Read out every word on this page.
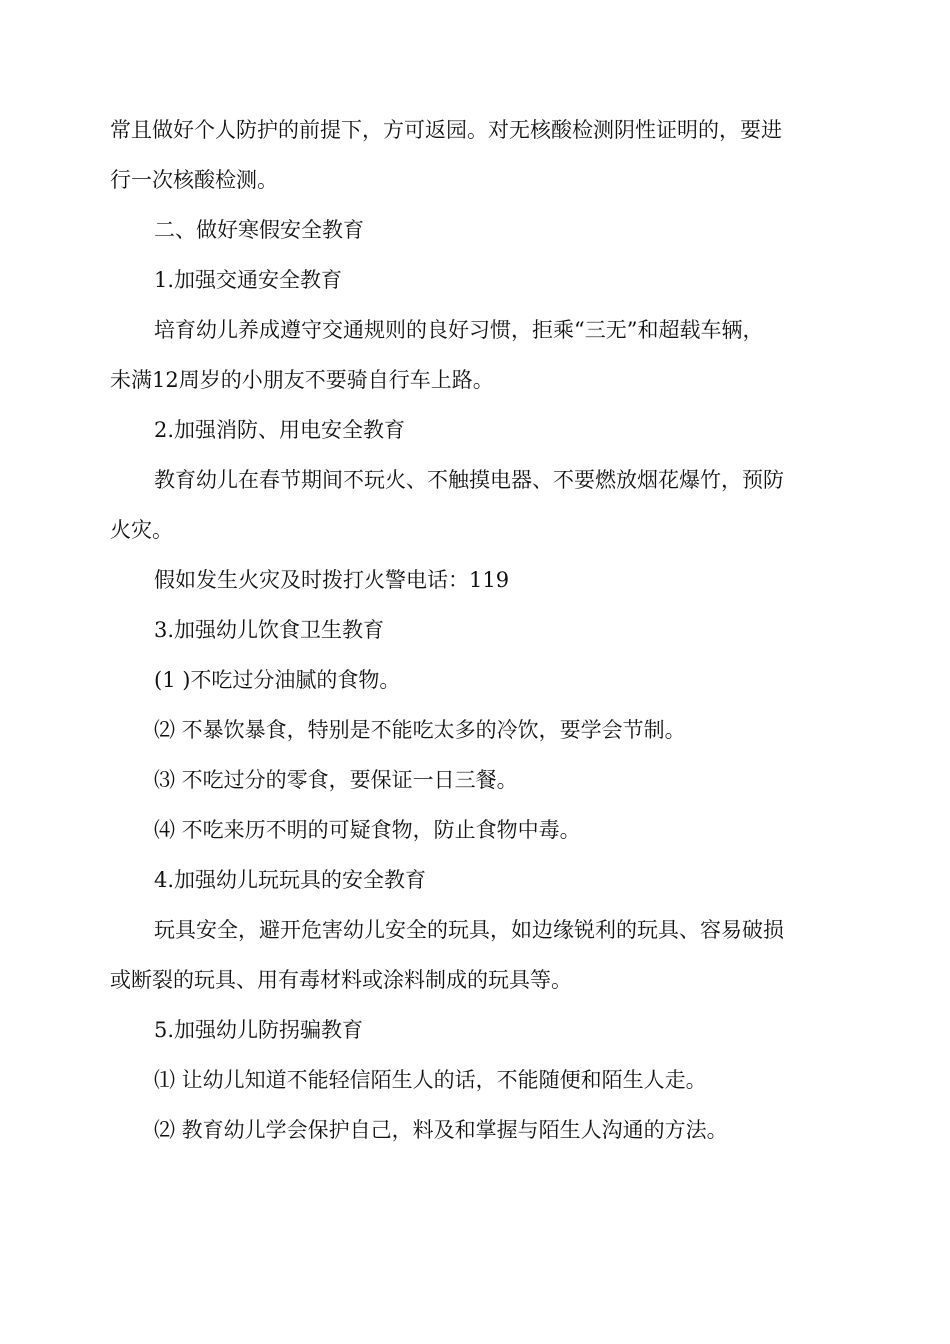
常且做好个人防护的前提下，方可返园。对无核酸检测阴性证明的，要进

行一次核酸检测。

二、做好寒假安全教育

1.加强交通安全教育

培育幼儿养成遵守交通规则的良好习惯，拒乘“三无”和超载车辆，

未满12周岁的小朋友不要骑自行车上路。

2.加强消防、用电安全教育

教育幼儿在春节期间不玩火、不触摸电器、不要燃放烟花爆竹，预防

火灾。

假如发生火灾及时拨打火警电话：119

3.加强幼儿饮食卫生教育

(1 )不吃过分油腻的食物。

⑵ 不暴饮暴食，特别是不能吃太多的冷饮，要学会节制。

⑶ 不吃过分的零食，要保证一日三餐。

⑷ 不吃来历不明的可疑食物，防止食物中毒。

4.加强幼儿玩玩具的安全教育

玩具安全，避开危害幼儿安全的玩具，如边缘锐利的玩具、容易破损

或断裂的玩具、用有毒材料或涂料制成的玩具等。

5.加强幼儿防拐骗教育

⑴ 让幼儿知道不能轻信陌生人的话，不能随便和陌生人走。

⑵ 教育幼儿学会保护自己，料及和掌握与陌生人沟通的方法。
